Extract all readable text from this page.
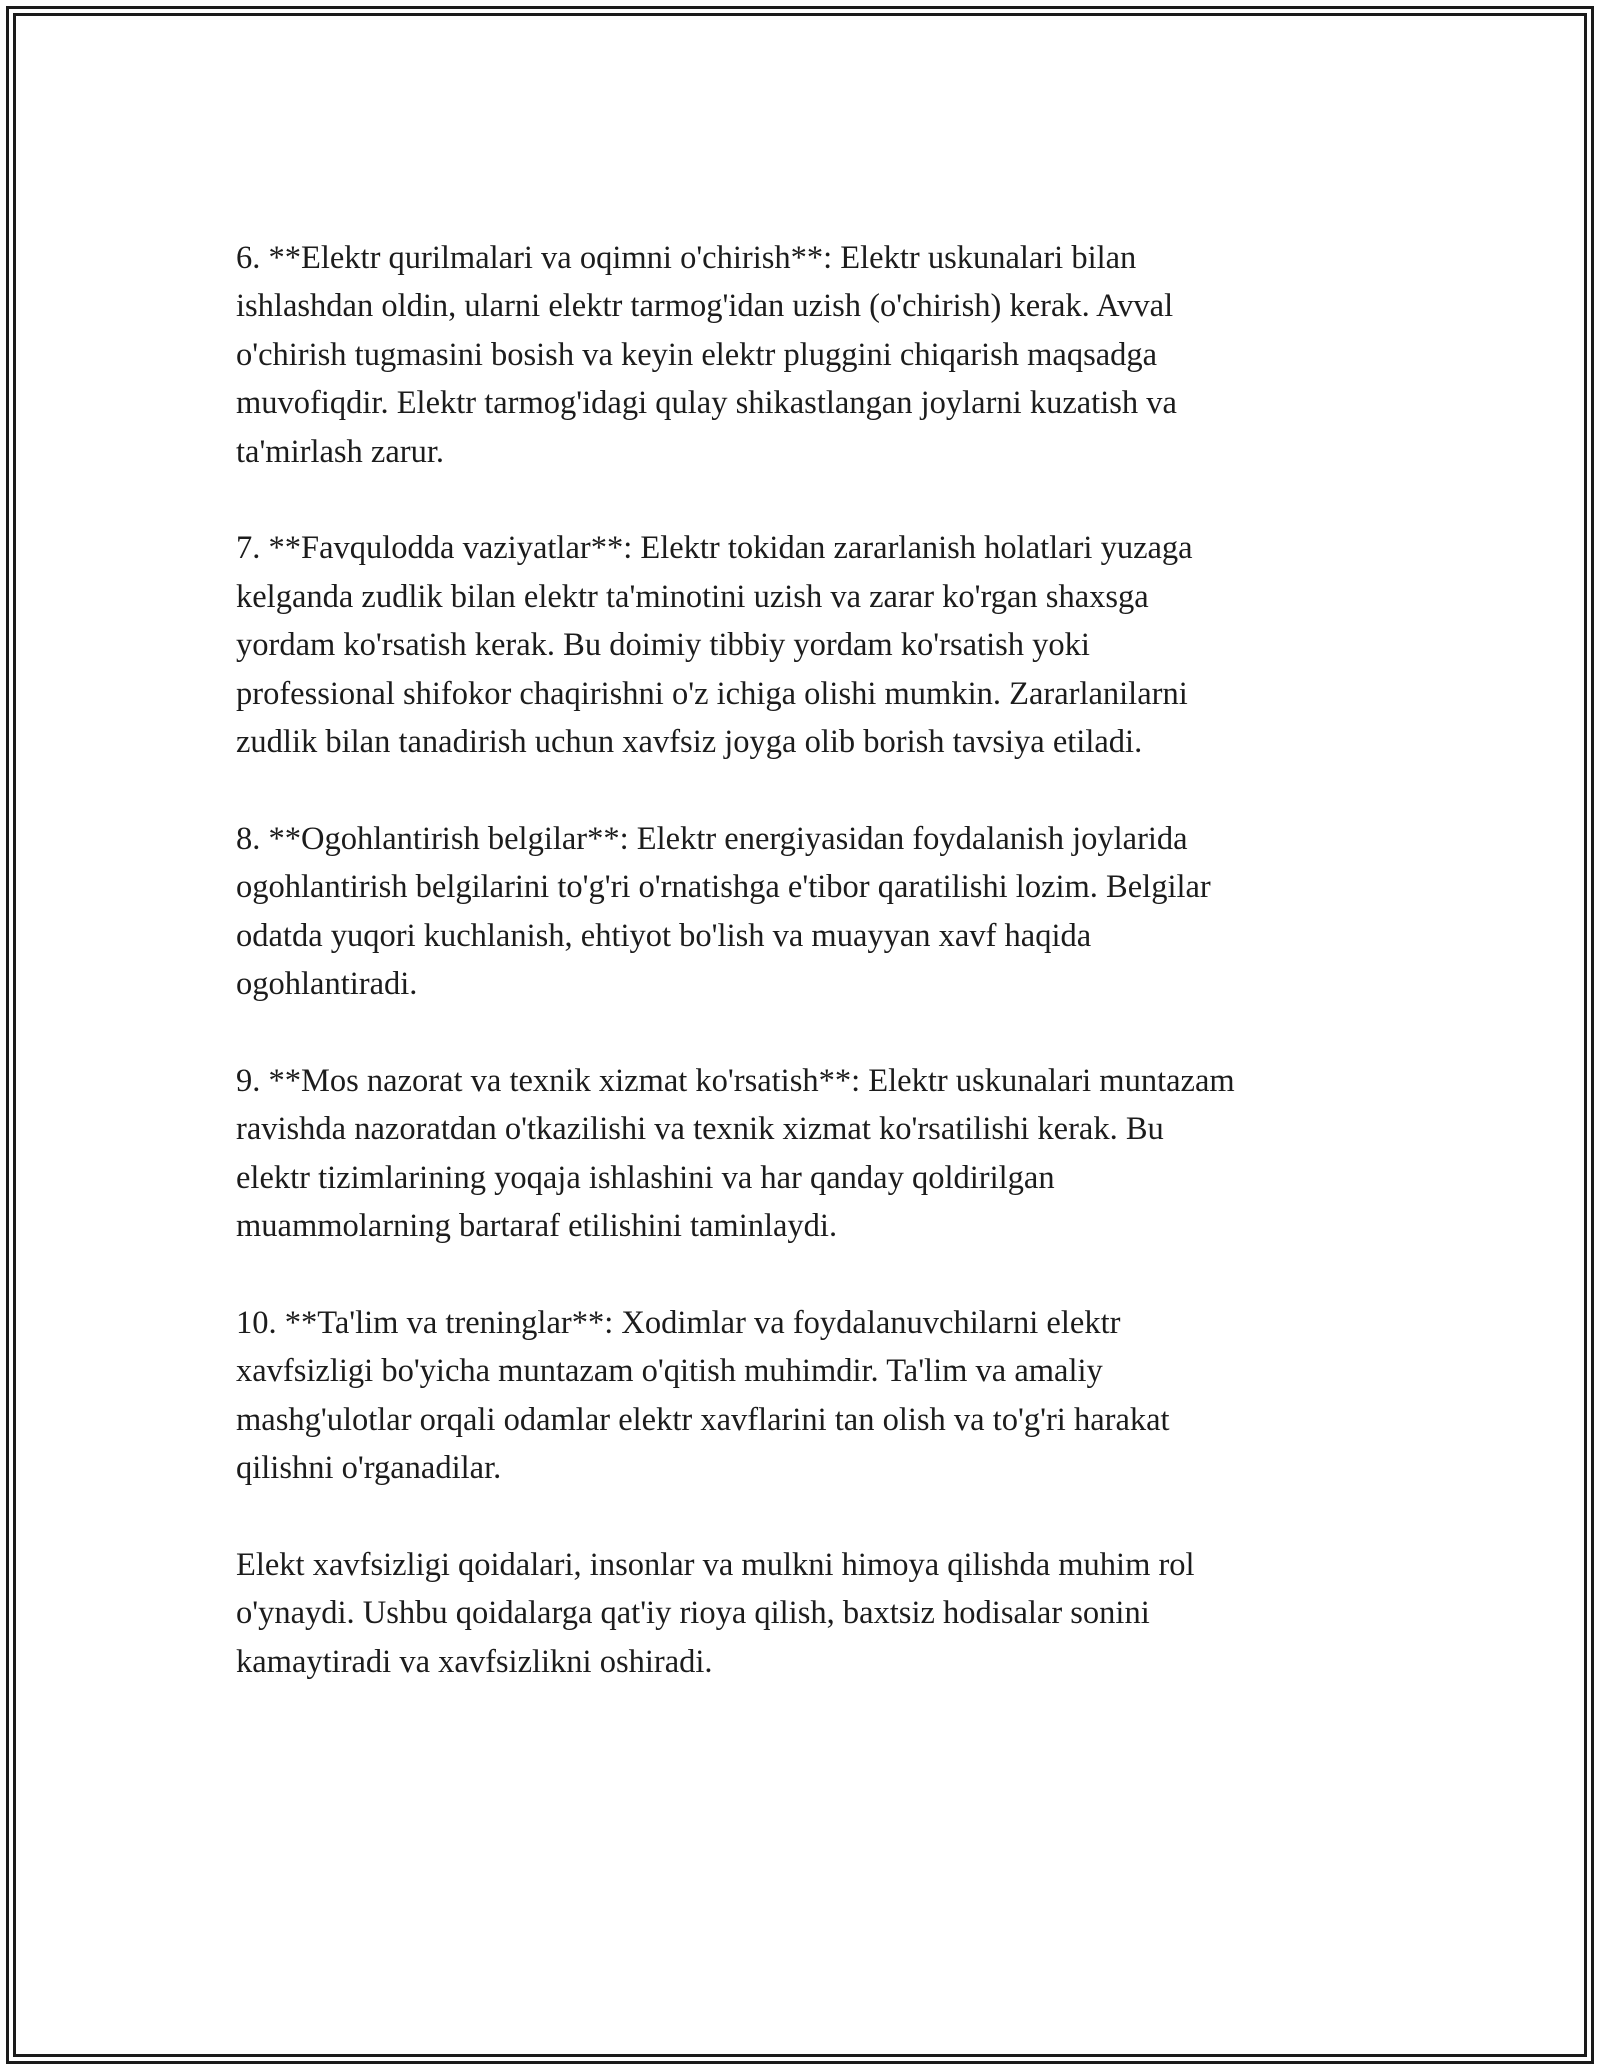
6. **Elektr qurilmalari va oqimni o'chirish**: Elektr uskunalari bilan
ishlashdan oldin, ularni elektr tarmog'idan uzish (o'chirish) kerak. Avval
o'chirish tugmasini bosish va keyin elektr pluggini chiqarish maqsadga
muvofiqdir. Elektr tarmog'idagi qulay shikastlangan joylarni kuzatish va
ta'mirlash zarur.

7. **Favqulodda vaziyatlar**: Elektr tokidan zararlanish holatlari yuzaga
kelganda zudlik bilan elektr ta'minotini uzish va zarar ko'rgan shaxsga
yordam ko'rsatish kerak. Bu doimiy tibbiy yordam ko'rsatish yoki
professional shifokor chaqirishni o'z ichiga olishi mumkin. Zararlanilarni
zudlik bilan tanadirish uchun xavfsiz joyga olib borish tavsiya etiladi.

8. **Ogohlantirish belgilar**: Elektr energiyasidan foydalanish joylarida
ogohlantirish belgilarini to'g'ri o'rnatishga e'tibor qaratilishi lozim. Belgilar
odatda yuqori kuchlanish, ehtiyot bo'lish va muayyan xavf haqida
ogohlantiradi.

9. **Mos nazorat va texnik xizmat ko'rsatish**: Elektr uskunalari muntazam
ravishda nazoratdan o'tkazilishi va texnik xizmat ko'rsatilishi kerak. Bu
elektr tizimlarining yoqaja ishlashini va har qanday qoldirilgan
muammolarning bartaraf etilishini taminlaydi.

10. **Ta'lim va treninglar**: Xodimlar va foydalanuvchilarni elektr
xavfsizligi bo'yicha muntazam o'qitish muhimdir. Ta'lim va amaliy
mashg'ulotlar orqali odamlar elektr xavflarini tan olish va to'g'ri harakat
qilishni o'rganadilar.

Elekt xavfsizligi qoidalari, insonlar va mulkni himoya qilishda muhim rol
o'ynaydi. Ushbu qoidalarga qat'iy rioya qilish, baxtsiz hodisalar sonini
kamaytiradi va xavfsizlikni oshiradi.
